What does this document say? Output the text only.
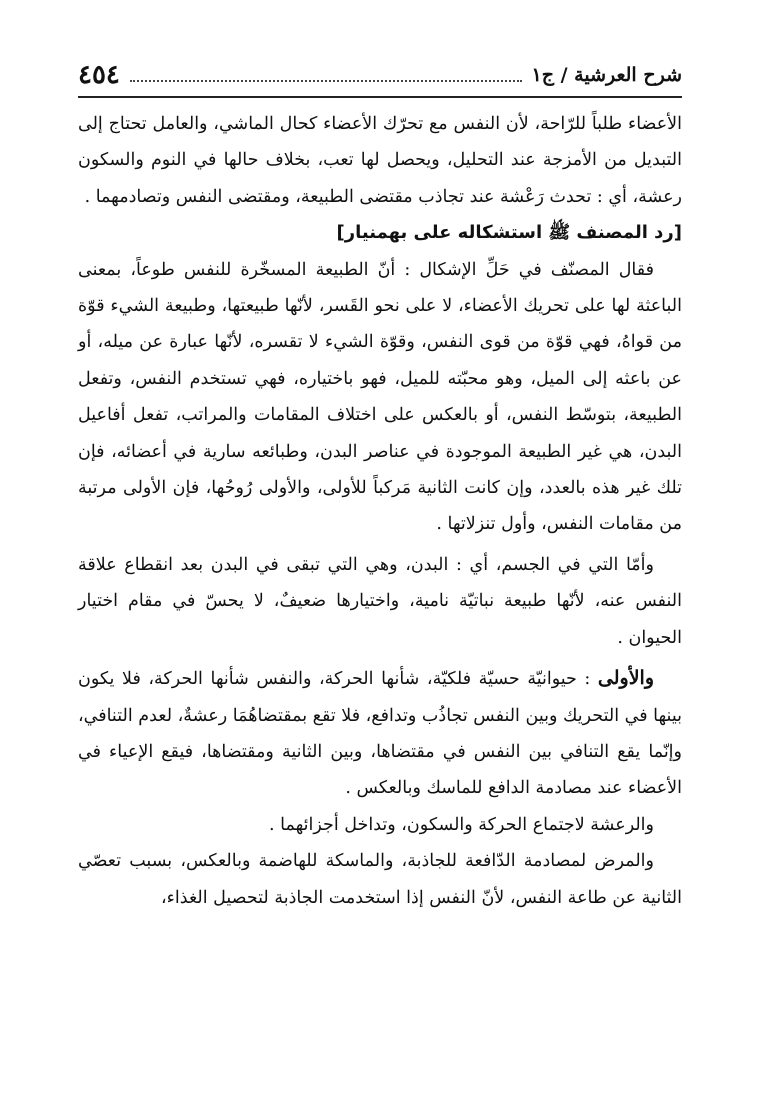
شرح العرشية / ج١
٤٥٤

الأعضاء طلباً للرّاحة، لأن النفس مع تحرّك الأعضاء كحال الماشي، والعامل تحتاج إلى التبديل من الأمزجة عند التحليل، ويحصل لها تعب، بخلاف حالها في النوم والسكون رعشة، أي : تحدث رَعْشة عند تجاذب مقتضى الطبيعة، ومقتضى النفس وتصادمهما .

[رد المصنف ﷺ استشكاله على بهمنيار]

فقال المصنّف في حَلِّ الإشكال : أنّ الطبيعة المسخّرة للنفس طوعاً، بمعنى الباعثة لها على تحريك الأعضاء، لا على نحو القَسر، لأنّها طبيعتها، وطبيعة الشيء قوّة من قواهُ، فهي قوّة من قوى النفس، وقوّة الشيء لا تقسره، لأنّها عبارة عن ميله، أو عن باعثه إلى الميل، وهو محبّته للميل، فهو باختياره، فهي تستخدم النفس، وتفعل الطبيعة، بتوسّط النفس، أو بالعكس على اختلاف المقامات والمراتب، تفعل أفاعيل البدن، هي غير الطبيعة الموجودة في عناصر البدن، وطبائعه سارية في أعضائه، فإن تلك غير هذه بالعدد، وإن كانت الثانية مَركباً للأولى، والأولى رُوحُها، فإن الأولى مرتبة من مقامات النفس، وأول تنزلاتها .

وأمّا التي في الجسم، أي : البدن، وهي التي تبقى في البدن بعد انقطاع علاقة النفس عنه، لأنّها طبيعة نباتيّة نامية، واختيارها ضعيفٌ، لا يحسّ في مقام اختيار الحيوان .

والأولى : حيوانيّة حسيّة فلكيّة، شأنها الحركة، والنفس شأنها الحركة، فلا يكون بينها في التحريك وبين النفس تجاذُب وتدافع، فلا تقع بمقتضاهُمَا رعشةٌ، لعدم التنافي، وإنّما يقع التنافي بين النفس في مقتضاها، وبين الثانية ومقتضاها، فيقع الإعياء في الأعضاء عند مصادمة الدافع للماسك وبالعكس .

والرعشة لاجتماع الحركة والسكون، وتداخل أجزائهما .

والمرض لمصادمة الدّافعة للجاذبة، والماسكة للهاضمة وبالعكس، بسبب تعصّي الثانية عن طاعة النفس، لأنّ النفس إذا استخدمت الجاذبة لتحصيل الغذاء،
